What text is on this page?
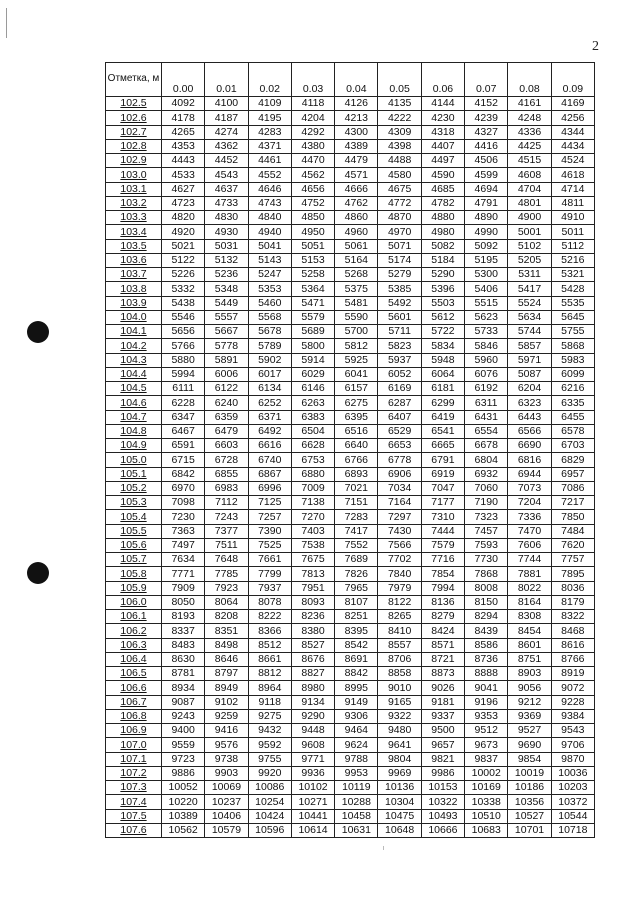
2
Отметка, м	0.00	0.01	0.02	0.03	0.04	0.05	0.06	0.07	0.08	0.09
102.5	4092	4100	4109	4118	4126	4135	4144	4152	4161	4169
102.6	4178	4187	4195	4204	4213	4222	4230	4239	4248	4256
102.7	4265	4274	4283	4292	4300	4309	4318	4327	4336	4344
102.8	4353	4362	4371	4380	4389	4398	4407	4416	4425	4434
102.9	4443	4452	4461	4470	4479	4488	4497	4506	4515	4524
103.0	4533	4543	4552	4562	4571	4580	4590	4599	4608	4618
103.1	4627	4637	4646	4656	4666	4675	4685	4694	4704	4714
103.2	4723	4733	4743	4752	4762	4772	4782	4791	4801	4811
103.3	4820	4830	4840	4850	4860	4870	4880	4890	4900	4910
103.4	4920	4930	4940	4950	4960	4970	4980	4990	5001	5011
103.5	5021	5031	5041	5051	5061	5071	5082	5092	5102	5112
103.6	5122	5132	5143	5153	5164	5174	5184	5195	5205	5216
103.7	5226	5236	5247	5258	5268	5279	5290	5300	5311	5321
103.8	5332	5348	5353	5364	5375	5385	5396	5406	5417	5428
103.9	5438	5449	5460	5471	5481	5492	5503	5515	5524	5535
104.0	5546	5557	5568	5579	5590	5601	5612	5623	5634	5645
104.1	5656	5667	5678	5689	5700	5711	5722	5733	5744	5755
104.2	5766	5778	5789	5800	5812	5823	5834	5846	5857	5868
104.3	5880	5891	5902	5914	5925	5937	5948	5960	5971	5983
104.4	5994	6006	6017	6029	6041	6052	6064	6076	5087	6099
104.5	6111	6122	6134	6146	6157	6169	6181	6192	6204	6216
104.6	6228	6240	6252	6263	6275	6287	6299	6311	6323	6335
104.7	6347	6359	6371	6383	6395	6407	6419	6431	6443	6455
104.8	6467	6479	6492	6504	6516	6529	6541	6554	6566	6578
104.9	6591	6603	6616	6628	6640	6653	6665	6678	6690	6703
105.0	6715	6728	6740	6753	6766	6778	6791	6804	6816	6829
105.1	6842	6855	6867	6880	6893	6906	6919	6932	6944	6957
105.2	6970	6983	6996	7009	7021	7034	7047	7060	7073	7086
105.3	7098	7112	7125	7138	7151	7164	7177	7190	7204	7217
105.4	7230	7243	7257	7270	7283	7297	7310	7323	7336	7850
105.5	7363	7377	7390	7403	7417	7430	7444	7457	7470	7484
105.6	7497	7511	7525	7538	7552	7566	7579	7593	7606	7620
105.7	7634	7648	7661	7675	7689	7702	7716	7730	7744	7757
105.8	7771	7785	7799	7813	7826	7840	7854	7868	7881	7895
105.9	7909	7923	7937	7951	7965	7979	7994	8008	8022	8036
106.0	8050	8064	8078	8093	8107	8122	8136	8150	8164	8179
106.1	8193	8208	8222	8236	8251	8265	8279	8294	8308	8322
106.2	8337	8351	8366	8380	8395	8410	8424	8439	8454	8468
106.3	8483	8498	8512	8527	8542	8557	8571	8586	8601	8616
106.4	8630	8646	8661	8676	8691	8706	8721	8736	8751	8766
106.5	8781	8797	8812	8827	8842	8858	8873	8888	8903	8919
106.6	8934	8949	8964	8980	8995	9010	9026	9041	9056	9072
106.7	9087	9102	9118	9134	9149	9165	9181	9196	9212	9228
106.8	9243	9259	9275	9290	9306	9322	9337	9353	9369	9384
106.9	9400	9416	9432	9448	9464	9480	9500	9512	9527	9543
107.0	9559	9576	9592	9608	9624	9641	9657	9673	9690	9706
107.1	9723	9738	9755	9771	9788	9804	9821	9837	9854	9870
107.2	9886	9903	9920	9936	9953	9969	9986	10002	10019	10036
107.3	10052	10069	10086	10102	10119	10136	10153	10169	10186	10203
107.4	10220	10237	10254	10271	10288	10304	10322	10338	10356	10372
107.5	10389	10406	10424	10441	10458	10475	10493	10510	10527	10544
107.6	10562	10579	10596	10614	10631	10648	10666	10683	10701	10718
